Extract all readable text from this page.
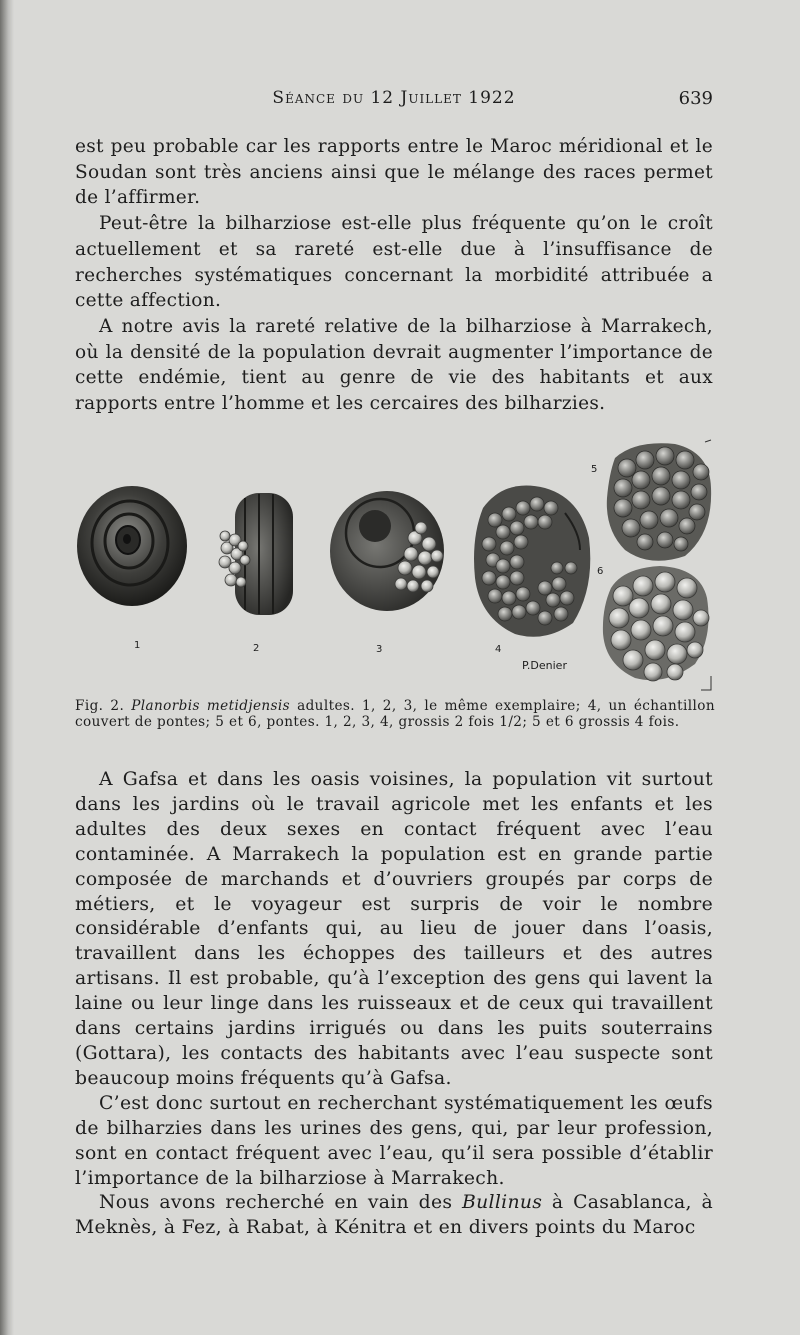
Séance du 12 Juillet 1922	639

est peu probable car les rapports entre le Maroc méridional et le Soudan sont très anciens ainsi que le mélange des races permet de l’affirmer.

Peut-être la bilharziose est-elle plus fréquente qu’on le croît actuellement et sa rareté est-elle due à l’insuffisance de recherches systématiques concernant la morbidité attribuée a cette affection.

A notre avis la rareté relative de la bilharziose à Marrakech, où la densité de la population devrait augmenter l’importance de cette endémie, tient au genre de vie des habitants et aux rapports entre l’homme et les cercaires des bilharzies.

1	2	3	4
5
6
P.Denier
Fig. 2. Planorbis metidjensis adultes. 1, 2, 3, le même exemplaire; 4, un échantillon couvert de pontes; 5 et 6, pontes. 1, 2, 3, 4, grossis 2 fois 1/2; 5 et 6 grossis 4 fois.

A Gafsa et dans les oasis voisines, la population vit surtout dans les jardins où le travail agricole met les enfants et les adultes des deux sexes en contact fréquent avec l’eau contaminée. A Marrakech la population est en grande partie composée de marchands et d’ouvriers groupés par corps de métiers, et le voyageur est surpris de voir le nombre considérable d’enfants qui, au lieu de jouer dans l’oasis, travaillent dans les échoppes des tailleurs et des autres artisans. Il est probable, qu’à l’exception des gens qui lavent la laine ou leur linge dans les ruisseaux et de ceux qui travaillent dans certains jardins irrigués ou dans les puits souterrains (Gottara), les contacts des habitants avec l’eau suspecte sont beaucoup moins fréquents qu’à Gafsa.

C’est donc surtout en recherchant systématiquement les œufs de bilharzies dans les urines des gens, qui, par leur profession, sont en contact fréquent avec l’eau, qu’il sera possible d’établir l’importance de la bilharziose à Marrakech.

Nous avons recherché en vain des Bullinus à Casablanca, à Meknès, à Fez, à Rabat, à Kénitra et en divers points du Maroc
